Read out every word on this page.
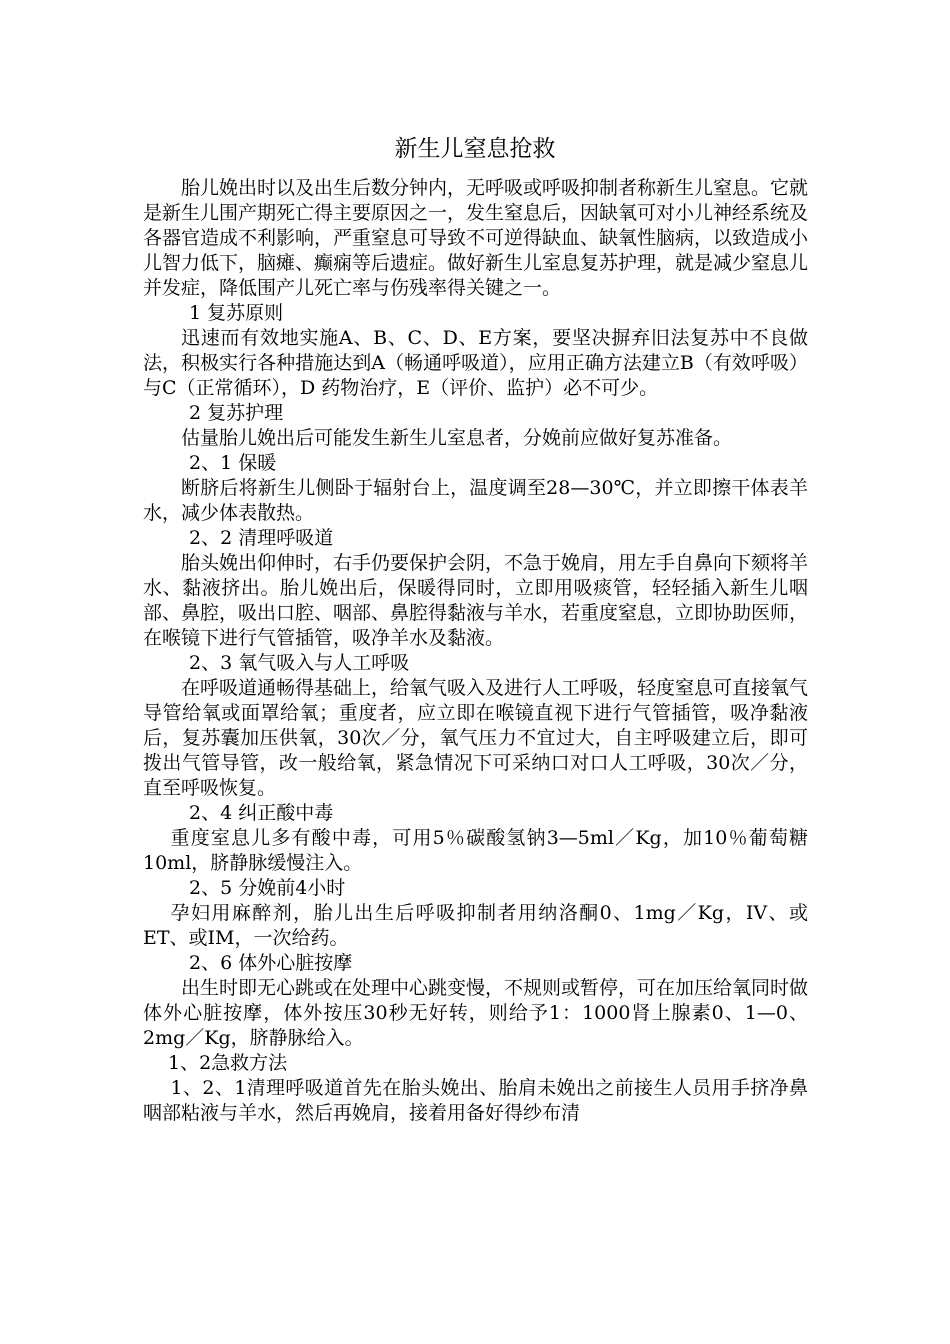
新生儿窒息抢救

胎儿娩出时以及出生后数分钟内，无呼吸或呼吸抑制者称新生儿窒息。它就是新生儿围产期死亡得主要原因之一，发生窒息后，因缺氧可对小儿神经系统及各器官造成不利影响，严重窒息可导致不可逆得缺血、缺氧性脑病，以致造成小儿智力低下，脑瘫、癫痫等后遗症。做好新生儿室息复苏护理，就是减少窒息儿并发症，降低围产儿死亡率与伤残率得关键之一。

1 复苏原则

迅速而有效地实施A、B、C、D、E方案，要坚决摒弃旧法复苏中不良做法，积极实行各种措施达到A（畅通呼吸道），应用正确方法建立B（有效呼吸）与C（正常循环），D 药物治疗，E（评价、监护）必不可少。

2 复苏护理

估量胎儿娩出后可能发生新生儿室息者，分娩前应做好复苏准备。

2、1 保暖

断脐后将新生儿侧卧于辐射台上，温度调至28—30℃，并立即擦干体表羊水，减少体表散热。

2、2 清理呼吸道

胎头娩出仰伸时，右手仍要保护会阴，不急于娩肩，用左手自鼻向下颏将羊水、黏液挤出。胎儿娩出后，保暖得同时，立即用吸痰管，轻轻插入新生儿咽部、鼻腔，吸出口腔、咽部、鼻腔得黏液与羊水，若重度窒息，立即协助医师，在喉镜下进行气管插管，吸净羊水及黏液。

2、3 氧气吸入与人工呼吸

在呼吸道通畅得基础上，给氧气吸入及进行人工呼吸，轻度窒息可直接氧气导管给氧或面罩给氧；重度者，应立即在喉镜直视下进行气管插管，吸净黏液后，复苏囊加压供氧，30次／分，氧气压力不宜过大，自主呼吸建立后，即可拨出气管导管，改一般给氧，紧急情况下可采纳口对口人工呼吸，30次／分，直至呼吸恢复。

2、4 纠正酸中毒

重度室息儿多有酸中毒，可用5％碳酸氢钠3—5ml／Kg，加10％葡萄糖10ml，脐静脉缓慢注入。

2、5 分娩前4小时

孕妇用麻醉剂，胎儿出生后呼吸抑制者用纳洛酮0、1mg／Kg，IV、或ET、或IM，一次给药。

2、6 体外心脏按摩

出生时即无心跳或在处理中心跳变慢，不规则或暂停，可在加压给氧同时做体外心脏按摩，体外按压30秒无好转，则给予1：1000肾上腺素0、1—0、2mg／Kg，脐静脉给入。

1、2急救方法

1、2、1清理呼吸道首先在胎头娩出、胎肩未娩出之前接生人员用手挤净鼻咽部粘液与羊水，然后再娩肩，接着用备好得纱布清
